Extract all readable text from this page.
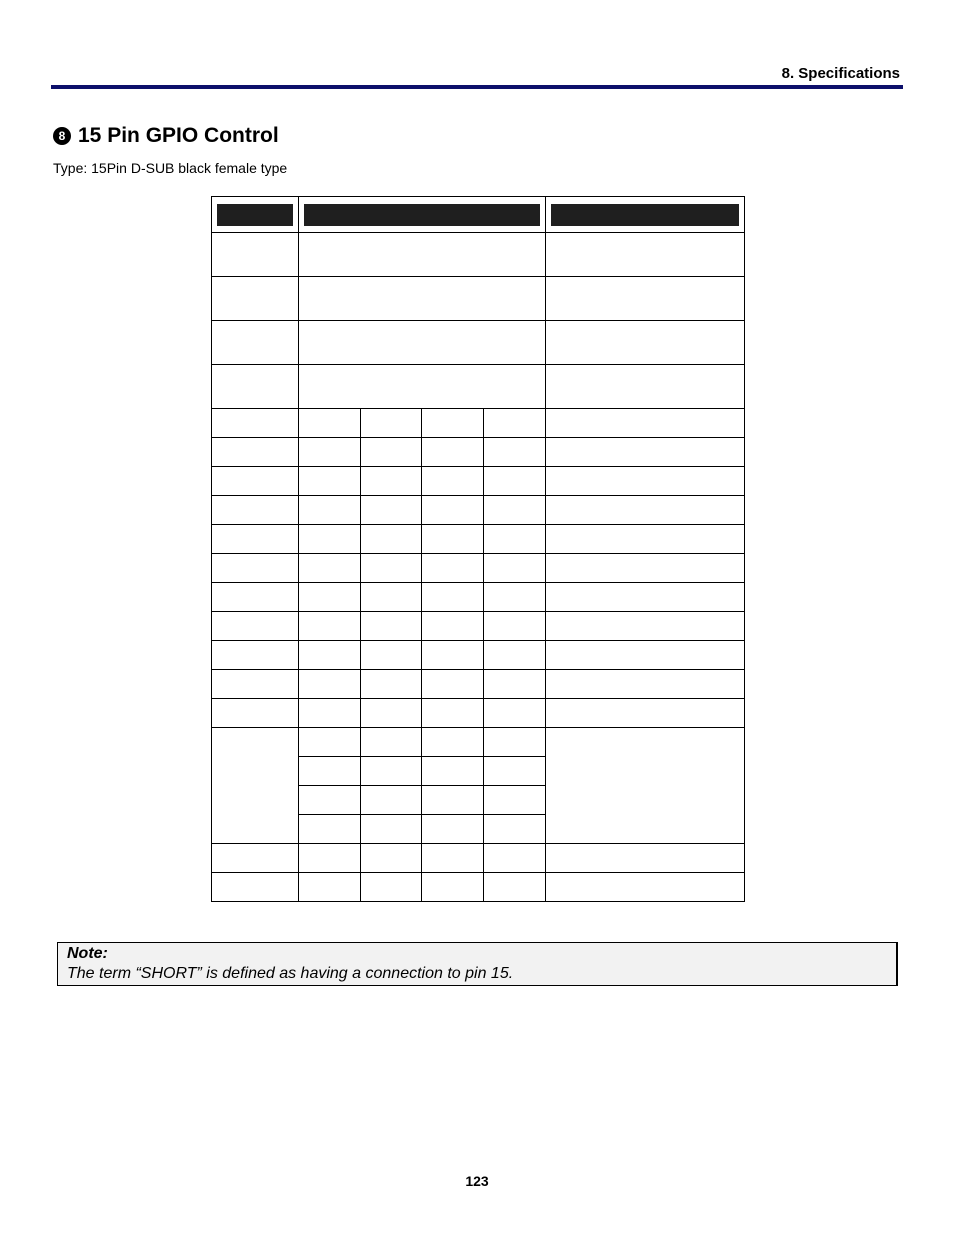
8. Specifications
8 15 Pin GPIO Control
Type: 15Pin D-SUB black female type

Note:
The term “SHORT” is defined as having a connection to pin 15.
123
